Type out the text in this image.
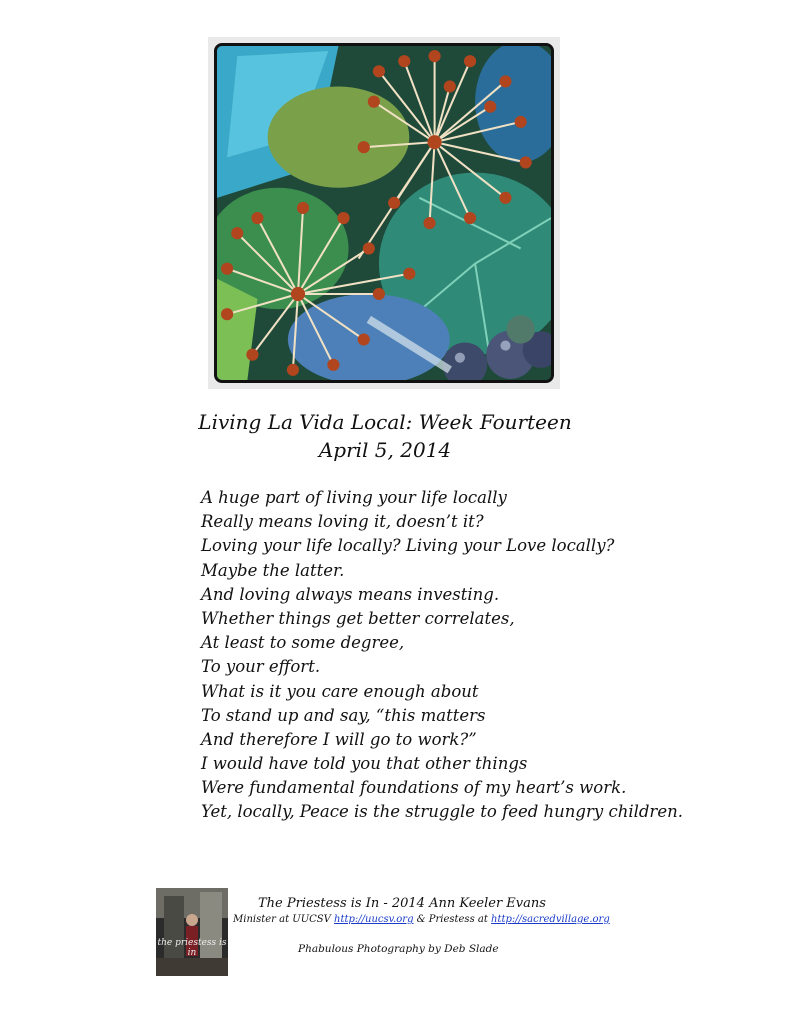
Living La Vida Local: Week Fourteen
April 5, 2014
A huge part of living your life locally
Really means loving it, doesn’t it?
Loving your life locally? Living your Love locally?
Maybe the latter.
And loving always means investing.
Whether things get better correlates,
At least to some degree,
To your effort.
What is it you care enough about
To stand up and say, “this matters
And therefore I will go to work?”
I would have told you that other things
Were fundamental foundations of my heart’s work.
Yet, locally, Peace is the struggle to feed hungry children.
the priestess is in
The Priestess is In - 2014 Ann Keeler Evans
Minister at UUCSV http://uucsv.org & Priestess at http://sacredvillage.org
Phabulous Photography by Deb Slade
